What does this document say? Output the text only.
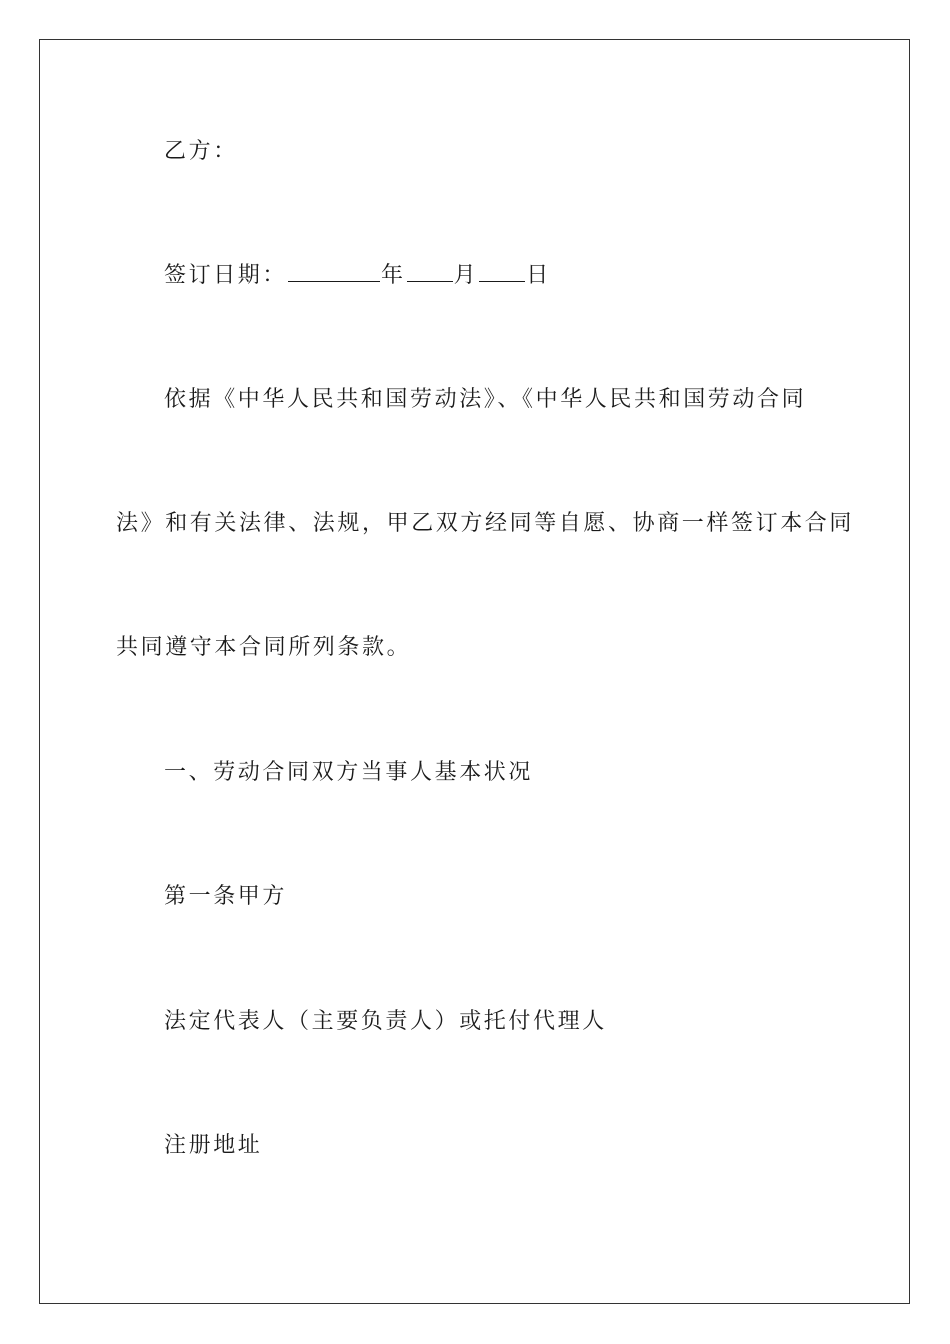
乙方：
签订日期：	年 月 日
依据《中华人民共和国劳动法》、《中华人民共和国劳动合同
法》和有关法律、法规，甲乙双方经同等自愿、协商一样签订本合同
共同遵守本合同所列条款。
一、劳动合同双方当事人基本状况
第一条甲方
法定代表人（主要负责人）或托付代理人
注册地址
